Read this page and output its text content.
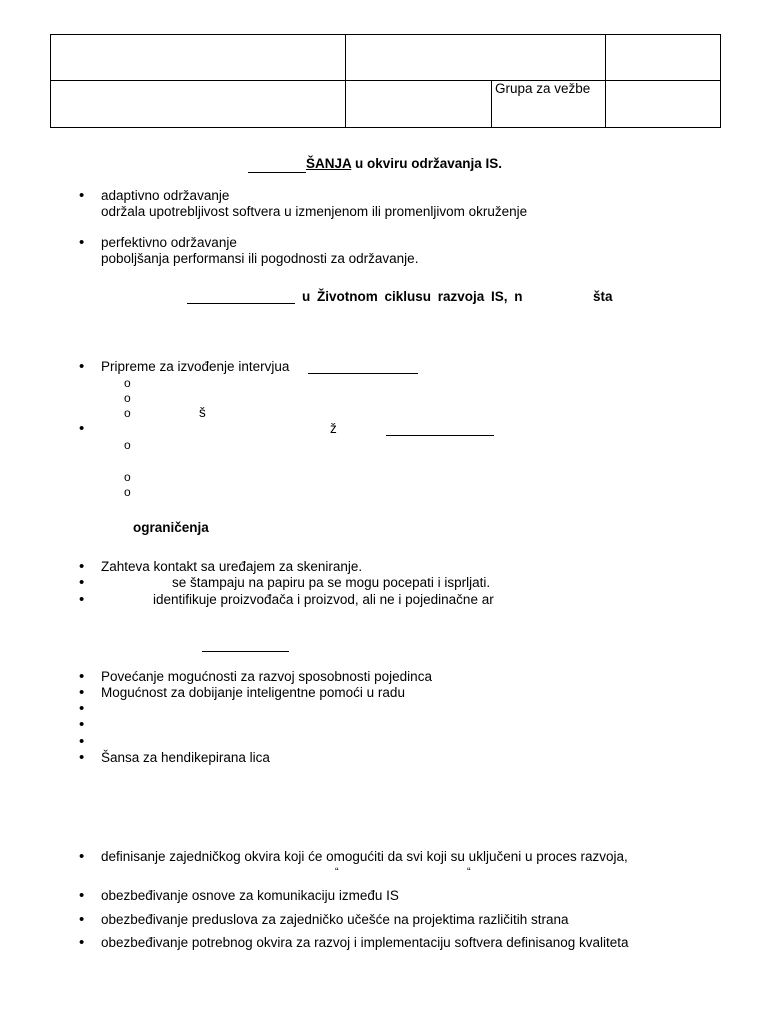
		Grupa za vežbe	

ŠANJA u okviru održavanja IS.
• adaptivno održavanje
održala upotrebljivost softvera u izmenjenom ili promenljivom okruženje
• perfektivno održavanje
poboljšanja performansi ili pogodnosti za održavanje.
u Životnom ciklusu razvoja IS, n	šta
• Pripreme za izvođenje intervjua
š
ž
ograničenja
• Zahteva kontakt sa uređajem za skeniranje.
se štampaju na papiru pa se mogu pocepati i isprljati.
identifikuje proizvođača i proizvod, ali ne i pojedinačne ar
• Povećanje mogućnosti za razvoj sposobnosti pojedinca
• Mogućnost za dobijanje inteligentne pomoći u radu
•
•
•
• Šansa za hendikepirana lica
• definisanje zajedničkog okvira koji će omogućiti da svi koji su uključeni u proces razvoja,
“	“
• obezbeđivanje osnove za komunikaciju između IS
• obezbeđivanje preduslova za zajedničko učešće na projektima različitih strana
• obezbeđivanje potrebnog okvira za razvoj i implementaciju softvera definisanog kvaliteta
